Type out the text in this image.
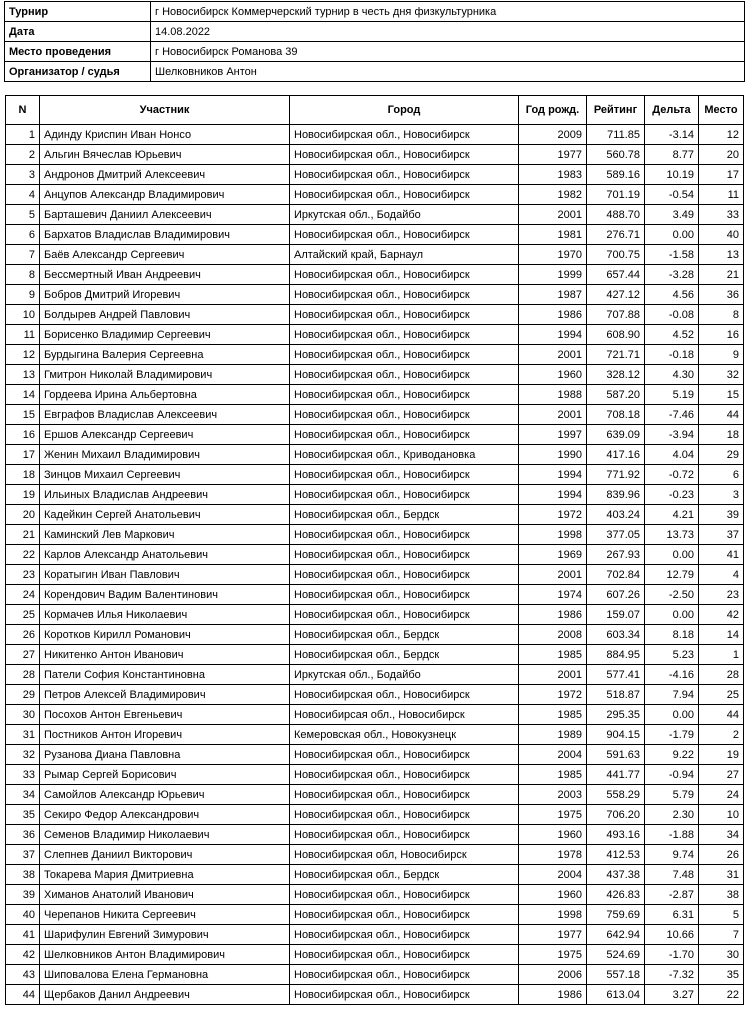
Турнир	г Новосибирск Коммерчерский турнир в честь дня физкультурника
Дата	14.08.2022
Место проведения	г Новосибирск Романова 39
Организатор / судья	Шелковников Антон
N	Участник	Город	Год рожд.	Рейтинг	Дельта	Место
1	Адинду Криспин Иван Нонсо	Новосибирская обл., Новосибирск	2009	711.85	-3.14	12
2	Альгин Вячеслав Юрьевич	Новосибирская обл., Новосибирск	1977	560.78	8.77	20
3	Андронов Дмитрий Алексеевич	Новосибирская обл., Новосибирск	1983	589.16	10.19	17
4	Анцупов Александр Владимирович	Новосибирская обл., Новосибирск	1982	701.19	-0.54	11
5	Барташевич Даниил Алексеевич	Иркутская обл., Бодайбо	2001	488.70	3.49	33
6	Бархатов Владислав Владимирович	Новосибирская обл., Новосибирск	1981	276.71	0.00	40
7	Баёв Александр Сергеевич	Алтайский край, Барнаул	1970	700.75	-1.58	13
8	Бессмертный Иван Андреевич	Новосибирская обл., Новосибирск	1999	657.44	-3.28	21
9	Бобров Дмитрий Игоревич	Новосибирская обл., Новосибирск	1987	427.12	4.56	36
10	Болдырев Андрей Павлович	Новосибирская обл., Новосибирск	1986	707.88	-0.08	8
11	Борисенко Владимир Сергеевич	Новосибирская обл., Новосибирск	1994	608.90	4.52	16
12	Бурдыгина Валерия Сергеевна	Новосибирская обл., Новосибирск	2001	721.71	-0.18	9
13	Гмитрон Николай Владимирович	Новосибирская обл., Новосибирск	1960	328.12	4.30	32
14	Гордеева Ирина Альбертовна	Новосибирская обл., Новосибирск	1988	587.20	5.19	15
15	Евграфов Владислав Алексеевич	Новосибирская обл., Новосибирск	2001	708.18	-7.46	44
16	Ершов Александр Сергеевич	Новосибирская обл., Новосибирск	1997	639.09	-3.94	18
17	Женин Михаил Владимирович	Новосибирская обл., Криводановка	1990	417.16	4.04	29
18	Зинцов Михаил Сергеевич	Новосибирская обл., Новосибирск	1994	771.92	-0.72	6
19	Ильиных Владислав Андреевич	Новосибирская обл., Новосибирск	1994	839.96	-0.23	3
20	Кадейкин Сергей Анатольевич	Новосибирская обл., Бердск	1972	403.24	4.21	39
21	Каминский Лев Маркович	Новосибирская обл., Новосибирск	1998	377.05	13.73	37
22	Карлов Александр Анатольевич	Новосибирская обл., Новосибирск	1969	267.93	0.00	41
23	Коратыгин Иван Павлович	Новосибирская обл., Новосибирск	2001	702.84	12.79	4
24	Корендович Вадим Валентинович	Новосибирская обл., Новосибирск	1974	607.26	-2.50	23
25	Кормачев Илья Николаевич	Новосибирская обл., Новосибирск	1986	159.07	0.00	42
26	Коротков Кирилл Романович	Новосибирская обл., Бердск	2008	603.34	8.18	14
27	Никитенко Антон Иванович	Новосибирская обл., Бердск	1985	884.95	5.23	1
28	Патели София Константиновна	Иркутская обл., Бодайбо	2001	577.41	-4.16	28
29	Петров Алексей Владимирович	Новосибирская обл., Новосибирск	1972	518.87	7.94	25
30	Посохов Антон Евгеньевич	Новосибирсая обл., Новосибирск	1985	295.35	0.00	44
31	Постников Антон Игоревич	Кемеровская обл., Новокузнецк	1989	904.15	-1.79	2
32	Рузанова Диана Павловна	Новосибирская обл., Новосибирск	2004	591.63	9.22	19
33	Рымар Сергей Борисович	Новосибирская обл., Новосибирск	1985	441.77	-0.94	27
34	Самойлов Александр Юрьевич	Новосибирская обл., Новосибирск	2003	558.29	5.79	24
35	Секиро Федор Александрович	Новосибирская обл., Новосибирск	1975	706.20	2.30	10
36	Семенов Владимир Николаевич	Новосибирская обл., Новосибирск	1960	493.16	-1.88	34
37	Слепнев Даниил Викторович	Новосибирская обл, Новосибирск	1978	412.53	9.74	26
38	Токарева Мария Дмитриевна	Новосибирская обл., Бердск	2004	437.38	7.48	31
39	Химанов Анатолий Иванович	Новосибирская обл., Новосибирск	1960	426.83	-2.87	38
40	Черепанов Никита Сергеевич	Новосибирская обл., Новосибирск	1998	759.69	6.31	5
41	Шарифулин Евгений Зимурович	Новосибирская обл., Новосибирск	1977	642.94	10.66	7
42	Шелковников Антон Владимирович	Новосибирская обл., Новосибирск	1975	524.69	-1.70	30
43	Шиповалова Елена Германовна	Новосибирская обл., Новосибирск	2006	557.18	-7.32	35
44	Щербаков Данил Андреевич	Новосибирская обл., Новосибирск	1986	613.04	3.27	22
